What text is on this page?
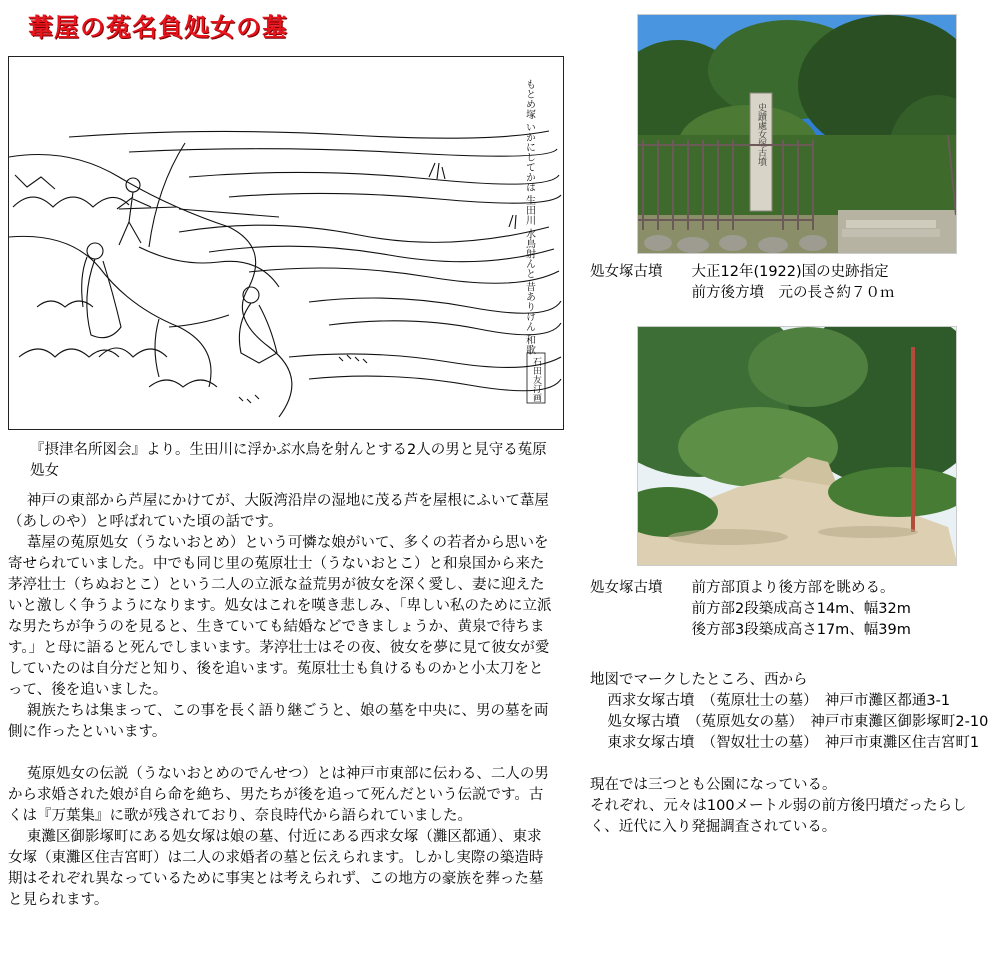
葦屋の菟名負処女の墓
もとめ塚 いかにしてかは 生田川 水鳥射んと 昔ありけん 和歌
石田友汀画
『摂津名所図会』より。生田川に浮かぶ水鳥を射んとする2人の男と見守る菟原処女

神戸の東部から芦屋にかけてが、大阪湾沿岸の湿地に茂る芦を屋根にふいて葦屋（あしのや）と呼ばれていた頃の話です。

葦屋の菟原処女（うないおとめ）という可憐な娘がいて、多くの若者から思いを寄せられていました。中でも同じ里の菟原壮士（うないおとこ）と和泉国から来た茅渟壮士（ちぬおとこ）という二人の立派な益荒男が彼女を深く愛し、妻に迎えたいと激しく争うようになります。処女はこれを嘆き悲しみ、「卑しい私のために立派な男たちが争うのを見ると、生きていても結婚などできましょうか、黄泉で待ちます。」と母に語ると死んでしまいます。茅渟壮士はその夜、彼女を夢に見て彼女が愛していたのは自分だと知り、後を追います。菟原壮士も負けるものかと小太刀をとって、後を追いました。

親族たちは集まって、この事を長く語り継ごうと、娘の墓を中央に、男の墓を両側に作ったといいます。

菟原処女の伝説（うないおとめのでんせつ）とは神戸市東部に伝わる、二人の男から求婚された娘が自ら命を絶ち、男たちが後を追って死んだという伝説です。古くは『万葉集』に歌が残されており、奈良時代から語られていました。

東灘区御影塚町にある処女塚は娘の墓、付近にある西求女塚（灘区都通）、東求女塚（東灘区住吉宮町）は二人の求婚者の墓と伝えられます。しかし実際の築造時期はそれぞれ異なっているために事実とは考えられず、この地方の豪族を葬った墓と見られます。

史蹟處女塚古墳
処女塚古墳　　大正12年(1922)国の史跡指定
　　　　　　　前方後方墳　元の長さ約７０ｍ
処女塚古墳　　前方部頂より後方部を眺める。
　　　　　　　前方部2段築成高さ14m、幅32m
　　　　　　　後方部3段築成高さ17m、幅39m
地図でマークしたところ、西から
西求女塚古墳　（菟原壮士の墓）　神戸市灘区都通3-1
処女塚古墳　（菟原処女の墓）　神戸市東灘区御影塚町2-10
東求女塚古墳　（智奴壮士の墓）　神戸市東灘区住吉宮町1
現在では三つとも公園になっている。
それぞれ、元々は100メートル弱の前方後円墳だったらしく、近代に入り発掘調査されている。
